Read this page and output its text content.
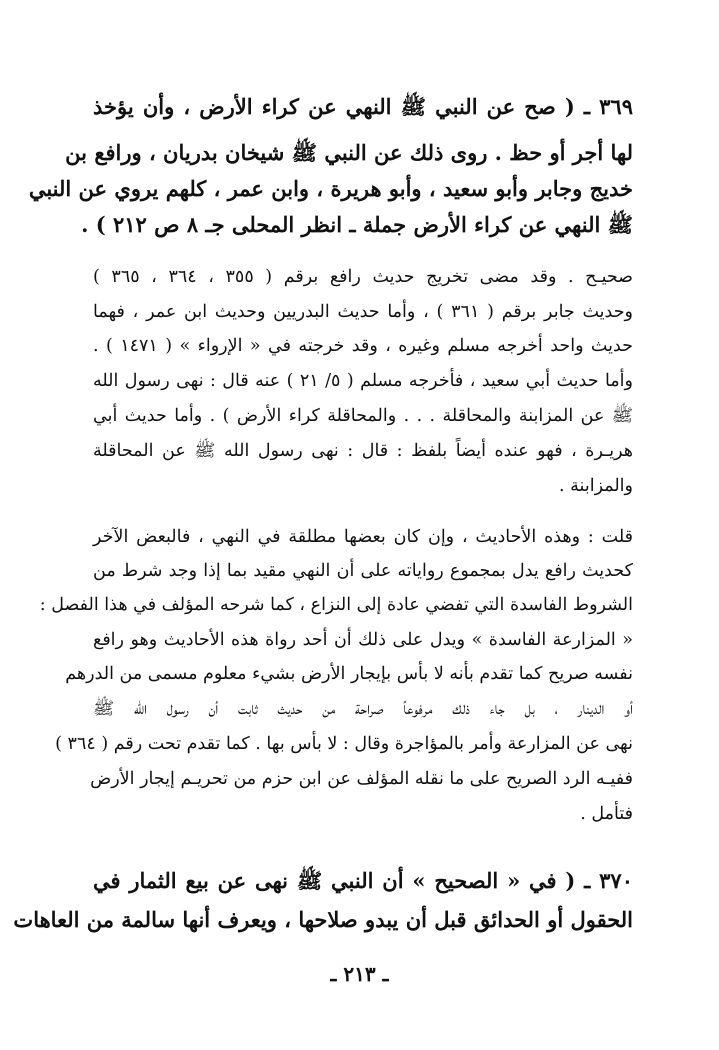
٣٦٩ ـ ( صح عن النبي ﷺ النهي عن كراء الأرض ، وأن يؤخذ
لها أجر أو حظ . روى ذلك عن النبي ﷺ شيخان بدريان ، ورافع بن
خديج وجابر وأبو سعيد ، وأبو هريرة ، وابن عمر ، كلهم يروي عن النبي
ﷺ النهي عن كراء الأرض جملة ـ انظر المحلى جـ ٨ ص ٢١٢ ) .
صحيـح . وقد مضى تخريج حديث رافع برقم ( ٣٥٥ ، ٣٦٤ ، ٣٦٥ )
وحديث جابر برقم ( ٣٦١ ) ، وأما حديث البدريين وحديث ابن عمر ، فهما
حديث واحد أخرجه مسلم وغيره ، وقد خرجته في « الإرواء » ( ١٤٧١ ) .
وأما حديث أبي سعيد ، فأخرجه مسلم ( ٥/ ٢١ ) عنه قال : نهى رسول الله
ﷺ عن المزابنة والمحاقلة . . . والمحاقلة كراء الأرض ) . وأما حديث أبي
هريـرة ، فهو عنده أيضاً بلفظ : قال : نهى رسول الله ﷺ عن المحاقلة
والمزابنة .
قلت : وهذه الأحاديث ، وإن كان بعضها مطلقة في النهي ، فالبعض الآخر
كحديث رافع يدل بمجموع رواياته على أن النهي مقيد بما إذا وجد شرط من
الشروط الفاسدة التي تفضي عادة إلى النزاع ، كما شرحه المؤلف في هذا الفصل :
« المزارعة الفاسدة » ويدل على ذلك أن أحد رواة هذه الأحاديث وهو رافع
نفسه صريح كما تقدم بأنه لا بأس بإيجار الأرض بشيء معلوم مسمى من الدرهم
أو الدينار ، بل جاء ذلك مرفوعاً صراحة من حديث ثابت أن رسول الله ﷺ
نهى عن المزارعة وأمر بالمؤاجرة وقال : لا بأس بها . كما تقدم تحت رقم ( ٣٦٤ )
ففيـه الرد الصريح على ما نقله المؤلف عن ابن حزم من تحريـم إيجار الأرض
فتأمل .
٣٧٠ ـ ( في « الصحيح » أن النبي ﷺ نهى عن بيع الثمار في
الحقول أو الحدائق قبل أن يبدو صلاحها ، ويعرف أنها سالمة من العاهات
ـ ٢١٣ ـ
